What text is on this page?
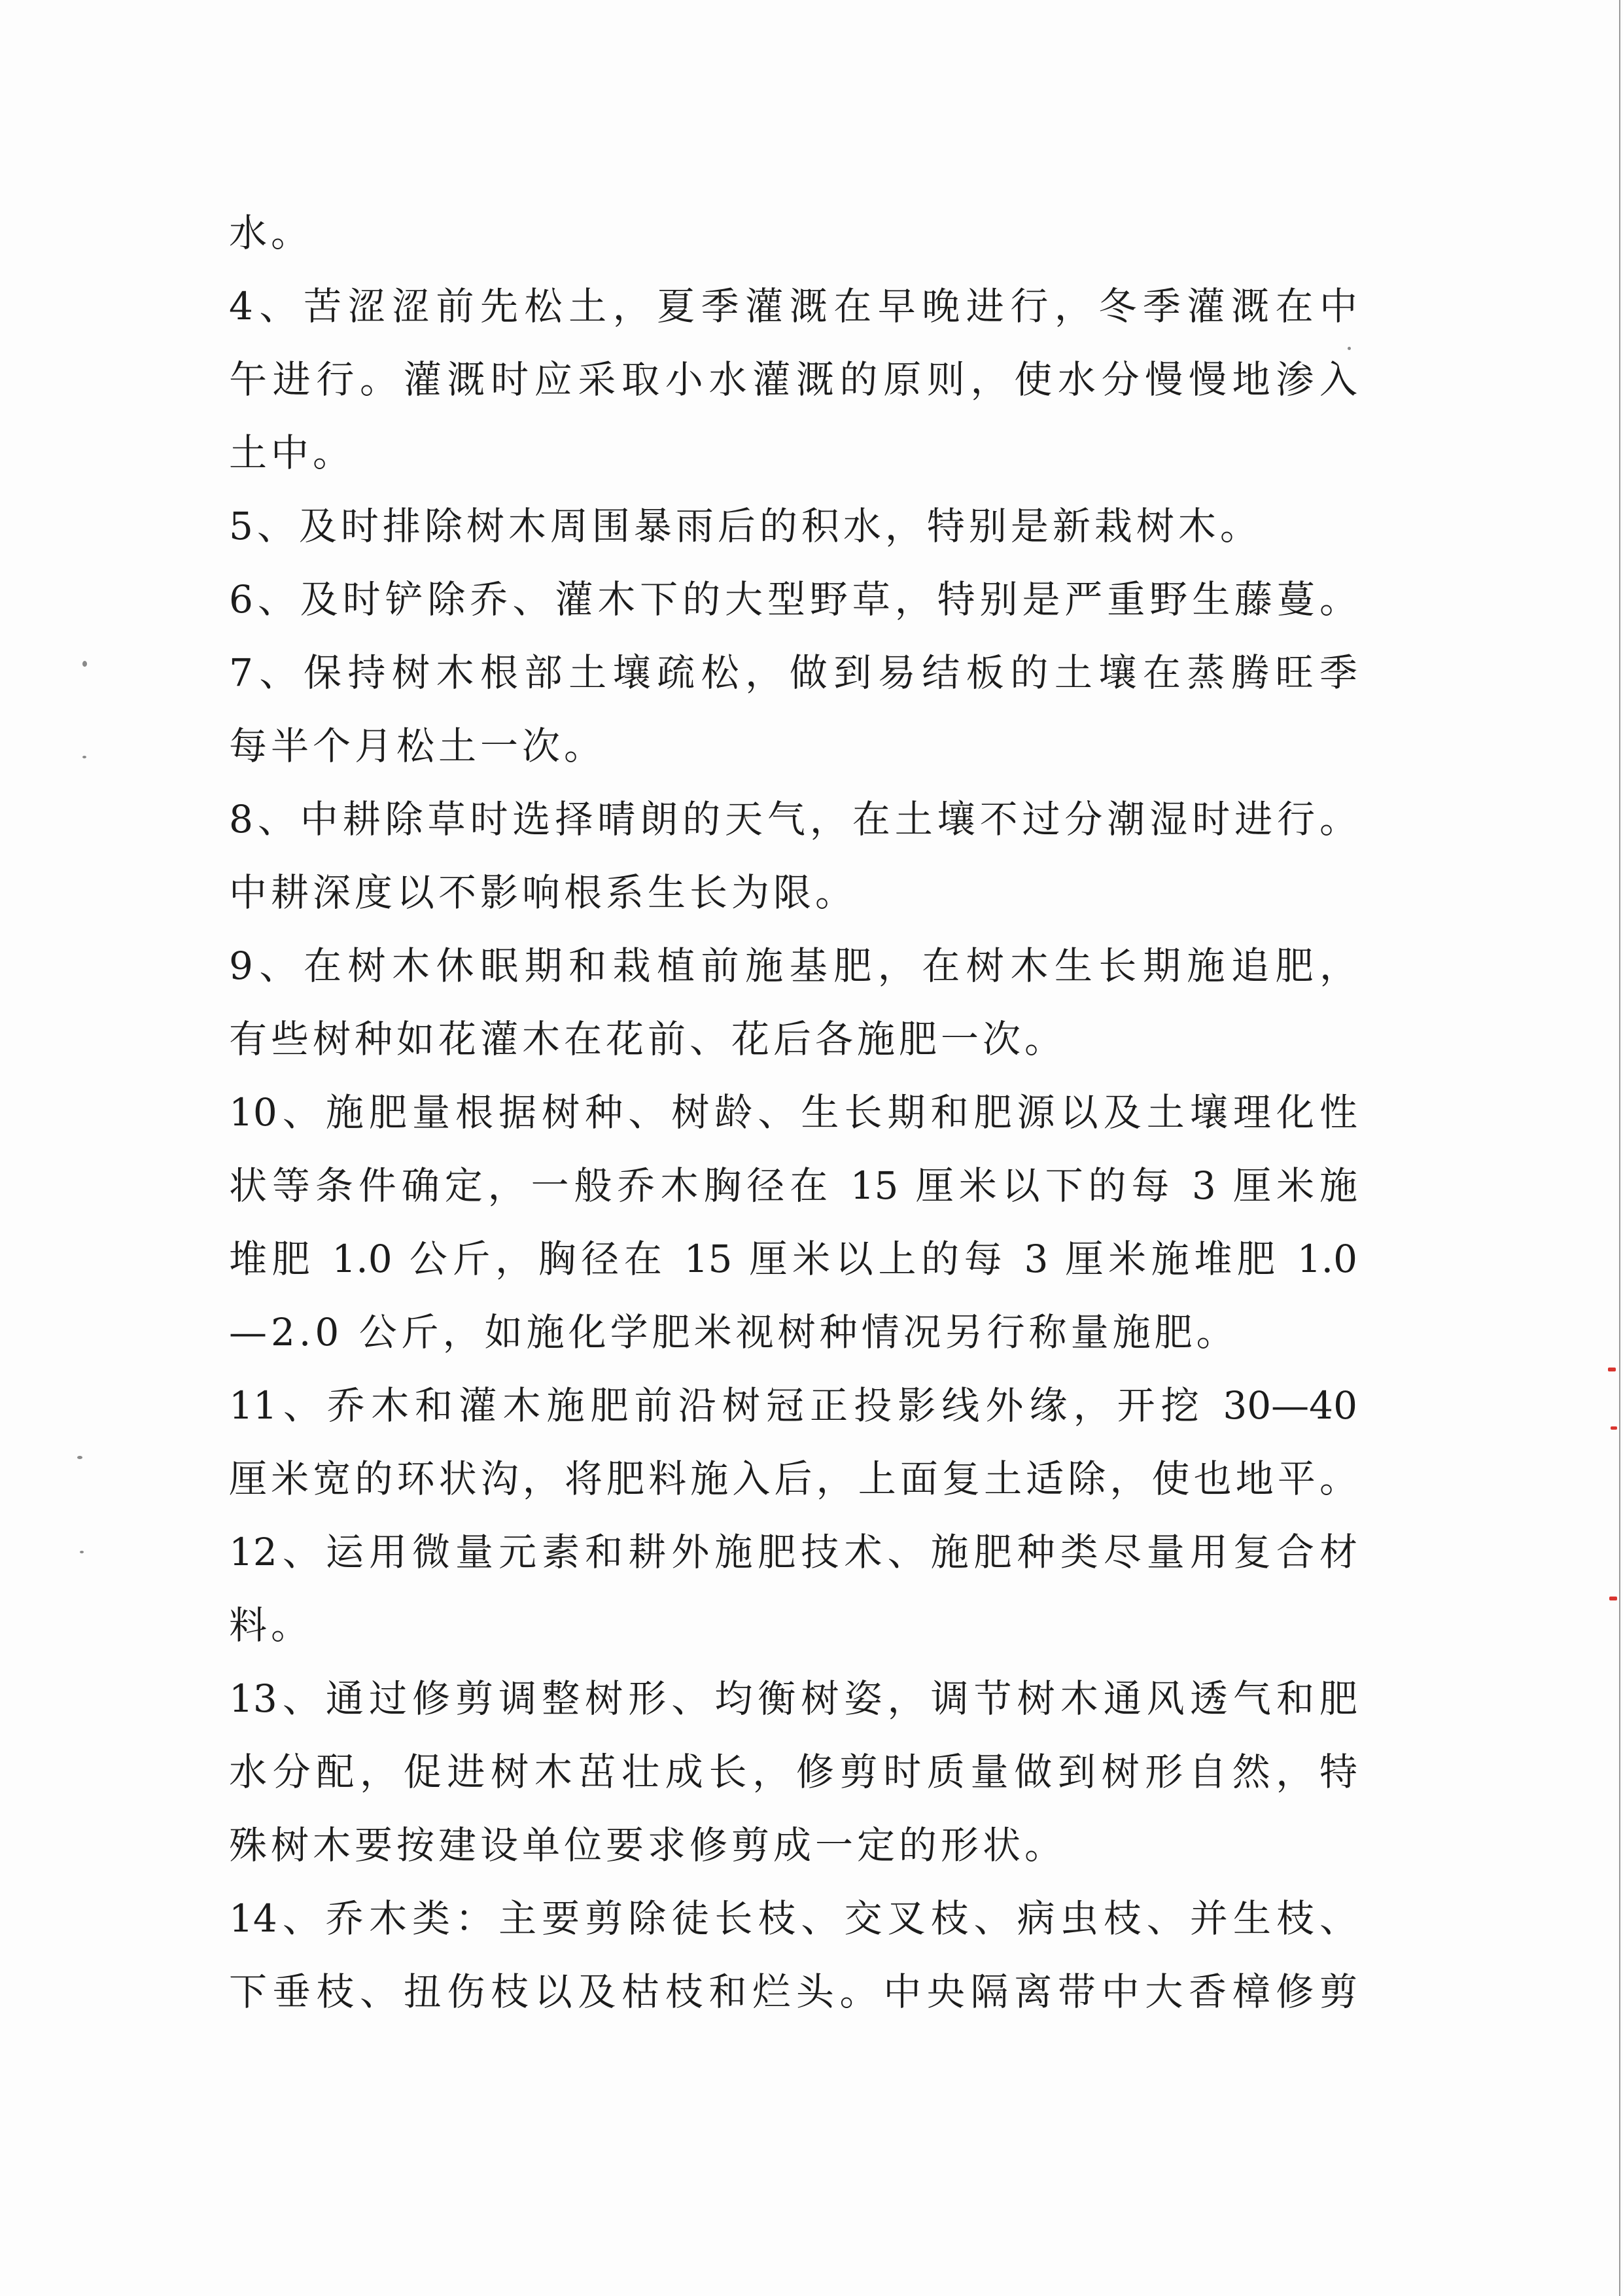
水。
4、苦涩涩前先松土，夏季灌溉在早晚进行，冬季灌溉在中
午进行。灌溉时应采取小水灌溉的原则，使水分慢慢地渗入
土中。
5、及时排除树木周围暴雨后的积水，特别是新栽树木。
6、及时铲除乔、灌木下的大型野草，特别是严重野生藤蔓。
7、保持树木根部土壤疏松，做到易结板的土壤在蒸腾旺季
每半个月松土一次。
8、中耕除草时选择晴朗的天气，在土壤不过分潮湿时进行。
中耕深度以不影响根系生长为限。
9、在树木休眠期和栽植前施基肥，在树木生长期施追肥，
有些树种如花灌木在花前、花后各施肥一次。
10、施肥量根据树种、树龄、生长期和肥源以及土壤理化性
状等条件确定，一般乔木胸径在 15 厘米以下的每 3 厘米施
堆肥 1.0 公斤，胸径在 15 厘米以上的每 3 厘米施堆肥 1.0
—2.0 公斤，如施化学肥米视树种情况另行称量施肥。
11、乔木和灌木施肥前沿树冠正投影线外缘，开挖 30—40
厘米宽的环状沟，将肥料施入后，上面复土适除，使也地平。
12、运用微量元素和耕外施肥技术、施肥种类尽量用复合材
料。
13、通过修剪调整树形、均衡树姿，调节树木通风透气和肥
水分配，促进树木茁壮成长，修剪时质量做到树形自然，特
殊树木要按建设单位要求修剪成一定的形状。
14、乔木类：主要剪除徒长枝、交叉枝、病虫枝、并生枝、
下垂枝、扭伤枝以及枯枝和烂头。中央隔离带中大香樟修剪
